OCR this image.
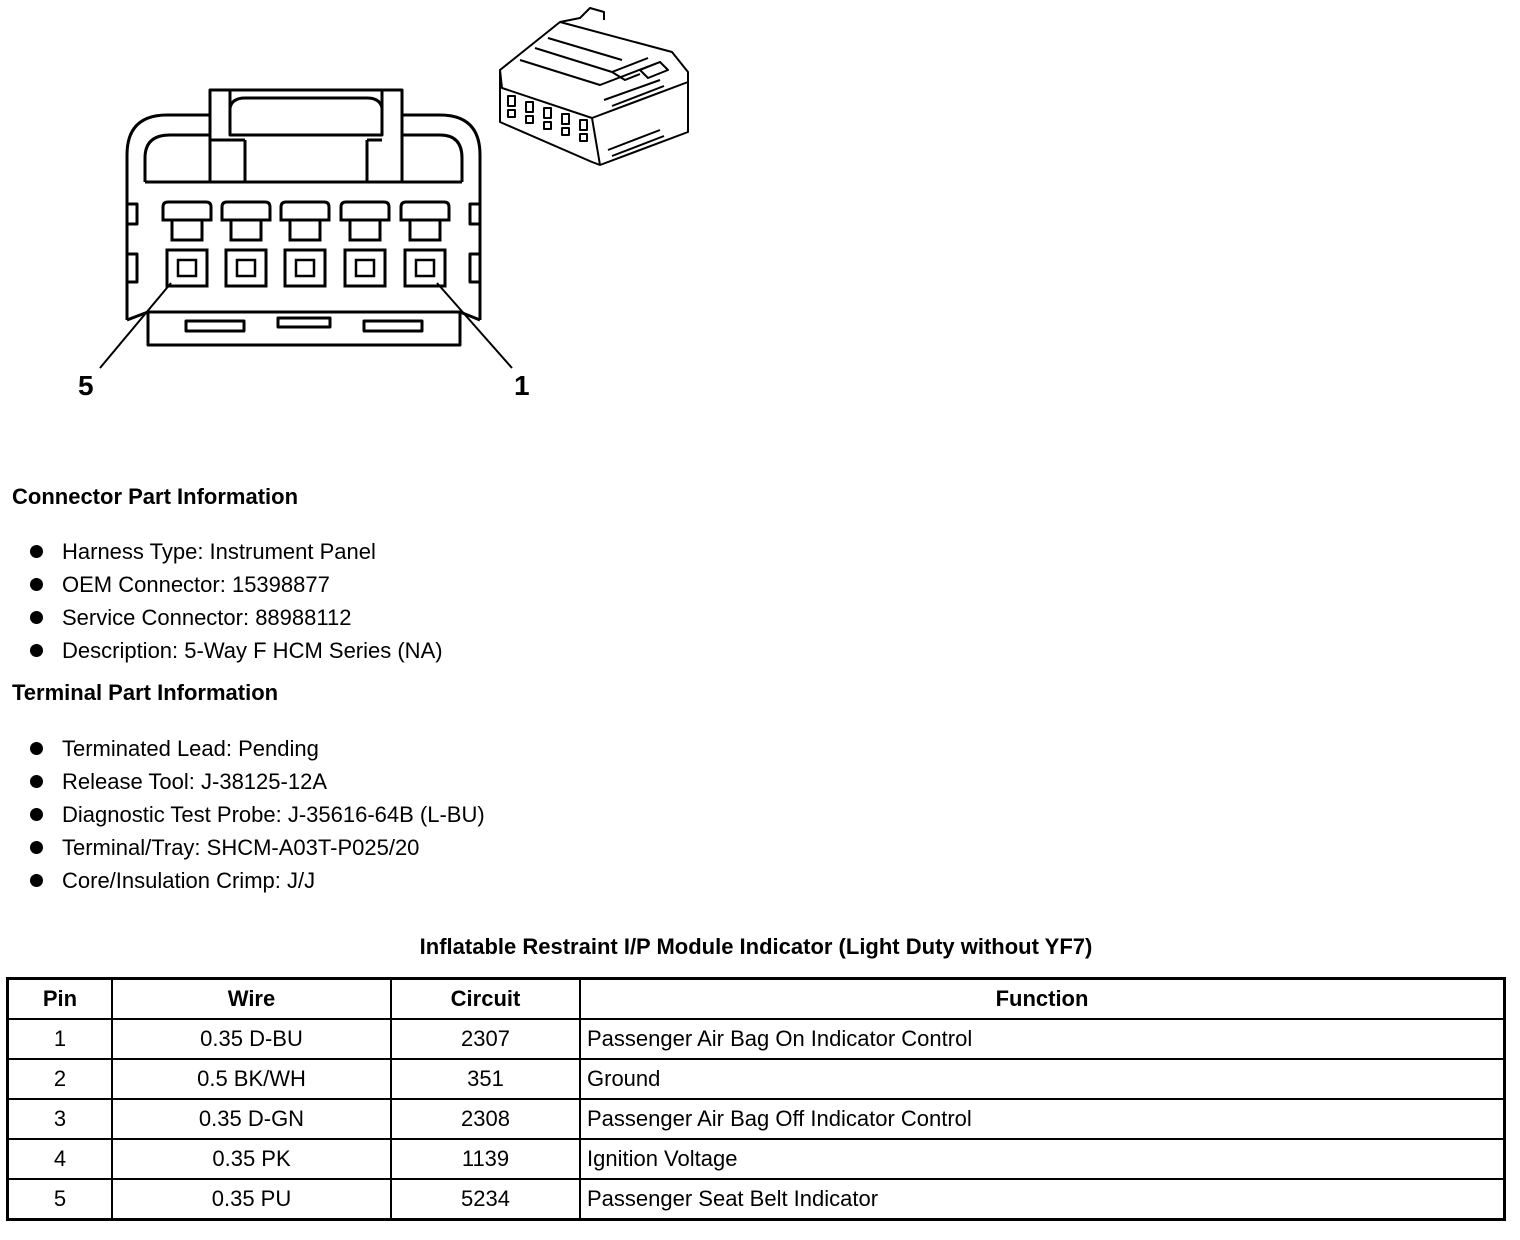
5	1
Connector Part Information
Harness Type: Instrument Panel
OEM Connector: 15398877
Service Connector: 88988112
Description: 5-Way F HCM Series (NA)
Terminal Part Information
Terminated Lead: Pending
Release Tool: J-38125-12A
Diagnostic Test Probe: J-35616-64B (L-BU)
Terminal/Tray: SHCM-A03T-P025/20
Core/Insulation Crimp: J/J
Inflatable Restraint I/P Module Indicator (Light Duty without YF7)
Pin	Wire	Circuit	Function
1	0.35 D-BU	2307	Passenger Air Bag On Indicator Control
2	0.5 BK/WH	351	Ground
3	0.35 D-GN	2308	Passenger Air Bag Off Indicator Control
4	0.35 PK	1139	Ignition Voltage
5	0.35 PU	5234	Passenger Seat Belt Indicator
